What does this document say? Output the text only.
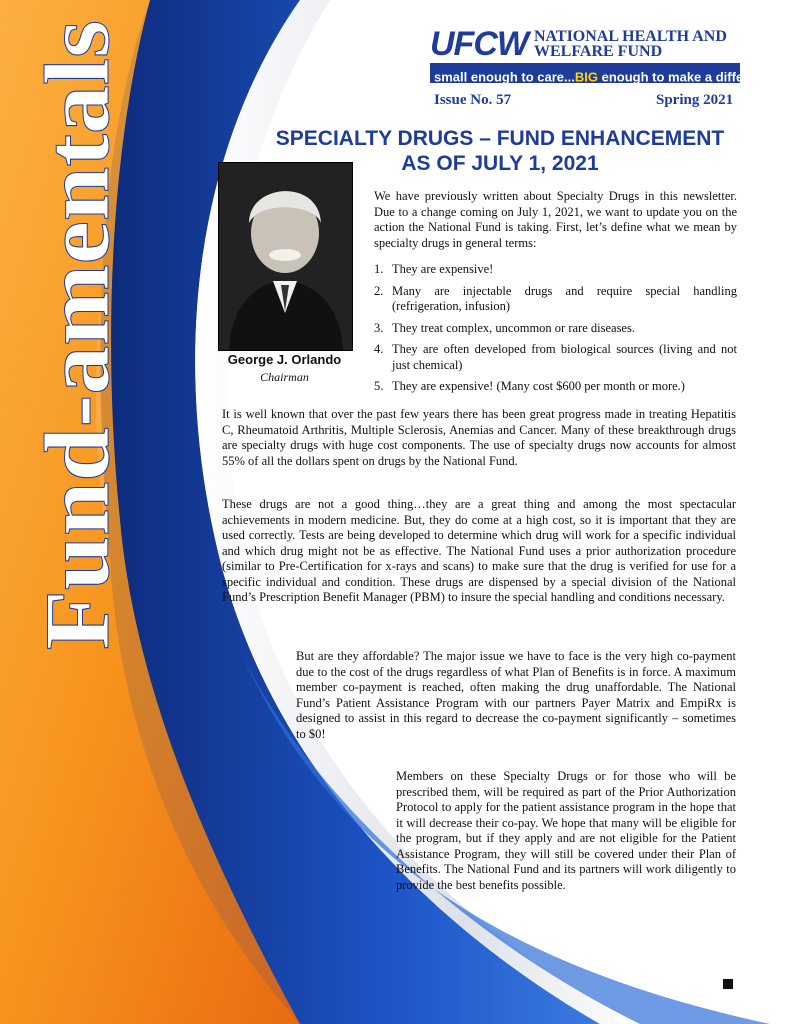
Fund-amentals
UFCW NATIONAL HEALTH AND WELFARE FUND
small enough to care...BIG enough to make a difference!®
Issue No. 57	Spring 2021
SPECIALTY DRUGS – FUND ENHANCEMENT
AS OF JULY 1, 2021
George J. Orlando
Chairman

We have previously written about Specialty Drugs in this newsletter. Due to a change coming on July 1, 2021, we want to update you on the action the National Fund is taking. First, let’s define what we mean by specialty drugs in general terms:

1. They are expensive!
2. Many are injectable drugs and require special handling (refrigeration, infusion)
3. They treat complex, uncommon or rare diseases.
4. They are often developed from biological sources (living and not just chemical)
5. They are expensive! (Many cost $600 per month or more.)

It is well known that over the past few years there has been great progress made in treating Hepatitis C, Rheumatoid Arthritis, Multiple Sclerosis, Anemias and Cancer. Many of these breakthrough drugs are specialty drugs with huge cost components. The use of specialty drugs now accounts for almost 55% of all the dollars spent on drugs by the National Fund.

These drugs are not a good thing…they are a great thing and among the most spectacular achievements in modern medicine. But, they do come at a high cost, so it is important that they are used correctly. Tests are being developed to determine which drug will work for a specific individual and which drug might not be as effective. The National Fund uses a prior authorization procedure (similar to Pre-Certification for x-rays and scans) to make sure that the drug is verified for use for a specific individual and condition. These drugs are dispensed by a special division of the National Fund’s Prescription Benefit Manager (PBM) to insure the special handling and conditions necessary.

But are they affordable? The major issue we have to face is the very high co-payment due to the cost of the drugs regardless of what Plan of Benefits is in force. A maximum member co-payment is reached, often making the drug unaffordable. The National Fund’s Patient Assistance Program with our partners Payer Matrix and EmpiRx is designed to assist in this regard to decrease the co-payment significantly – sometimes to $0!

Members on these Specialty Drugs or for those who will be prescribed them, will be required as part of the Prior Authorization Protocol to apply for the patient assistance program in the hope that it will decrease their co-pay. We hope that many will be eligible for the program, but if they apply and are not eligible for the Patient Assistance Program, they will still be covered under their Plan of Benefits. The National Fund and its partners will work diligently to provide the best benefits possible.
